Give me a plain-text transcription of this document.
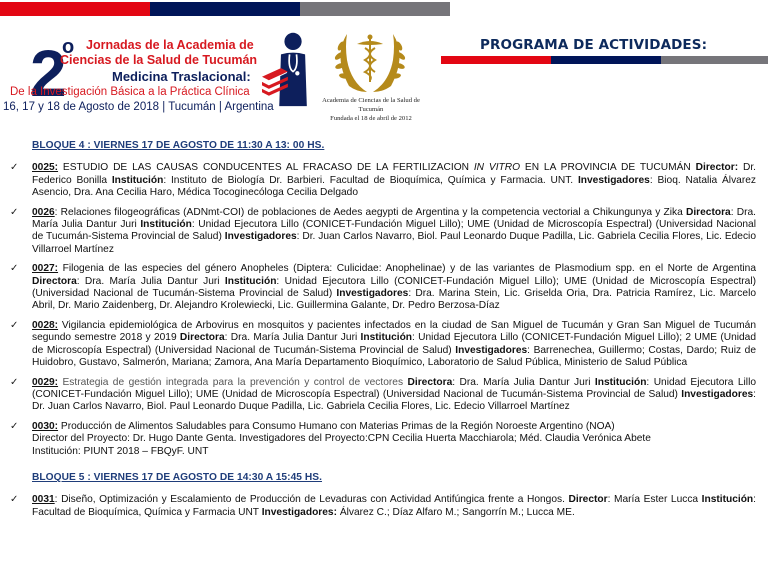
2
o Jornadas de la Academia de
Ciencias de la Salud de Tucumán
Medicina Traslacional:
De la Investigación Básica a la Práctica Clínica
16, 17 y 18 de Agosto de 2018 | Tucumán | Argentina
Academia de Ciencias de la Salud de Tucumán
Fundada el 18 de abril de 2012
PROGRAMA DE ACTIVIDADES:
BLOQUE 4 : VIERNES 17 DE AGOSTO DE 11:30 A 13: 00 HS.
✓ 0025: ESTUDIO DE LAS CAUSAS CONDUCENTES AL FRACASO DE LA FERTILIZACION IN VITRO EN LA PROVINCIA DE TUCUMÁN Director: Dr. Federico Bonilla Institución: Instituto de Biología Dr. Barbieri. Facultad de Bioquímica, Química y Farmacia. UNT. Investigadores: Bioq. Natalia Álvarez Asencio, Dra. Ana Cecilia Haro, Médica Tocoginecóloga Cecilia Delgado
✓ 0026: Relaciones filogeográficas (ADNmt-COI) de poblaciones de Aedes aegypti de Argentina y la competencia vectorial a Chikungunya y Zika Directora: Dra. María Julia Dantur Juri Institución: Unidad Ejecutora Lillo (CONICET-Fundación Miguel Lillo); UME (Unidad de Microscopía Espectral) (Universidad Nacional de Tucumán-Sistema Provincial de Salud) Investigadores: Dr. Juan Carlos Navarro, Biol. Paul Leonardo Duque Padilla, Lic. Gabriela Cecilia Flores, Lic. Edecio Villarroel Martínez
✓ 0027: Filogenia de las especies del género Anopheles (Diptera: Culicidae: Anophelinae) y de las variantes de Plasmodium spp. en el Norte de Argentina Directora: Dra. María Julia Dantur Juri Institución: Unidad Ejecutora Lillo (CONICET-Fundación Miguel Lillo); UME (Unidad de Microscopía Espectral) (Universidad Nacional de Tucumán-Sistema Provincial de Salud) Investigadores: Dra. Marina Stein, Lic. Griselda Oria, Dra. Patricia Ramírez, Lic. Marcelo Abril, Dr. Mario Zaidenberg, Dr. Alejandro Krolewiecki, Lic. Guillermina Galante, Dr. Pedro Berzosa-Díaz
✓ 0028: Vigilancia epidemiológica de Arbovirus en mosquitos y pacientes infectados en la ciudad de San Miguel de Tucumán y Gran San Miguel de Tucumán segundo semestre 2018 y 2019 Directora: Dra. María Julia Dantur Juri Institución: Unidad Ejecutora Lillo (CONICET-Fundación Miguel Lillo); 2 UME (Unidad de Microscopía Espectral) (Universidad Nacional de Tucumán-Sistema Provincial de Salud) Investigadores: Barrenechea, Guillermo; Costas, Dardo; Ruiz de Huidobro, Gustavo, Salmerón, Mariana; Zamora, Ana María Departamento Bioquímico, Laboratorio de Salud Pública, Ministerio de Salud Pública
✓ 0029: Estrategia de gestión integrada para la prevención y control de vectores Directora: Dra. María Julia Dantur Juri Institución: Unidad Ejecutora Lillo (CONICET-Fundación Miguel Lillo); UME (Unidad de Microscopía Espectral) (Universidad Nacional de Tucumán-Sistema Provincial de Salud) Investigadores: Dr. Juan Carlos Navarro, Biol. Paul Leonardo Duque Padilla, Lic. Gabriela Cecilia Flores, Lic. Edecio Villarroel Martínez
✓ 0030: Producción de Alimentos Saludables para Consumo Humano con Materias Primas de la Región Noroeste Argentino (NOA)
Director del Proyecto: Dr. Hugo Dante Genta. Investigadores del Proyecto:CPN Cecilia Huerta Macchiarola; Méd. Claudia Verónica Abete
Institución: PIUNT 2018 – FBQyF. UNT
BLOQUE 5 : VIERNES 17 DE AGOSTO DE 14:30 A 15:45 HS.
✓ 0031: Diseño, Optimización y Escalamiento de Producción de Levaduras con Actividad Antifúngica frente a Hongos. Director: María Ester Lucca Institución: Facultad de Bioquímica, Química y Farmacia UNT Investigadores: Álvarez C.; Díaz Alfaro M.; Sangorrín M.; Lucca ME.
